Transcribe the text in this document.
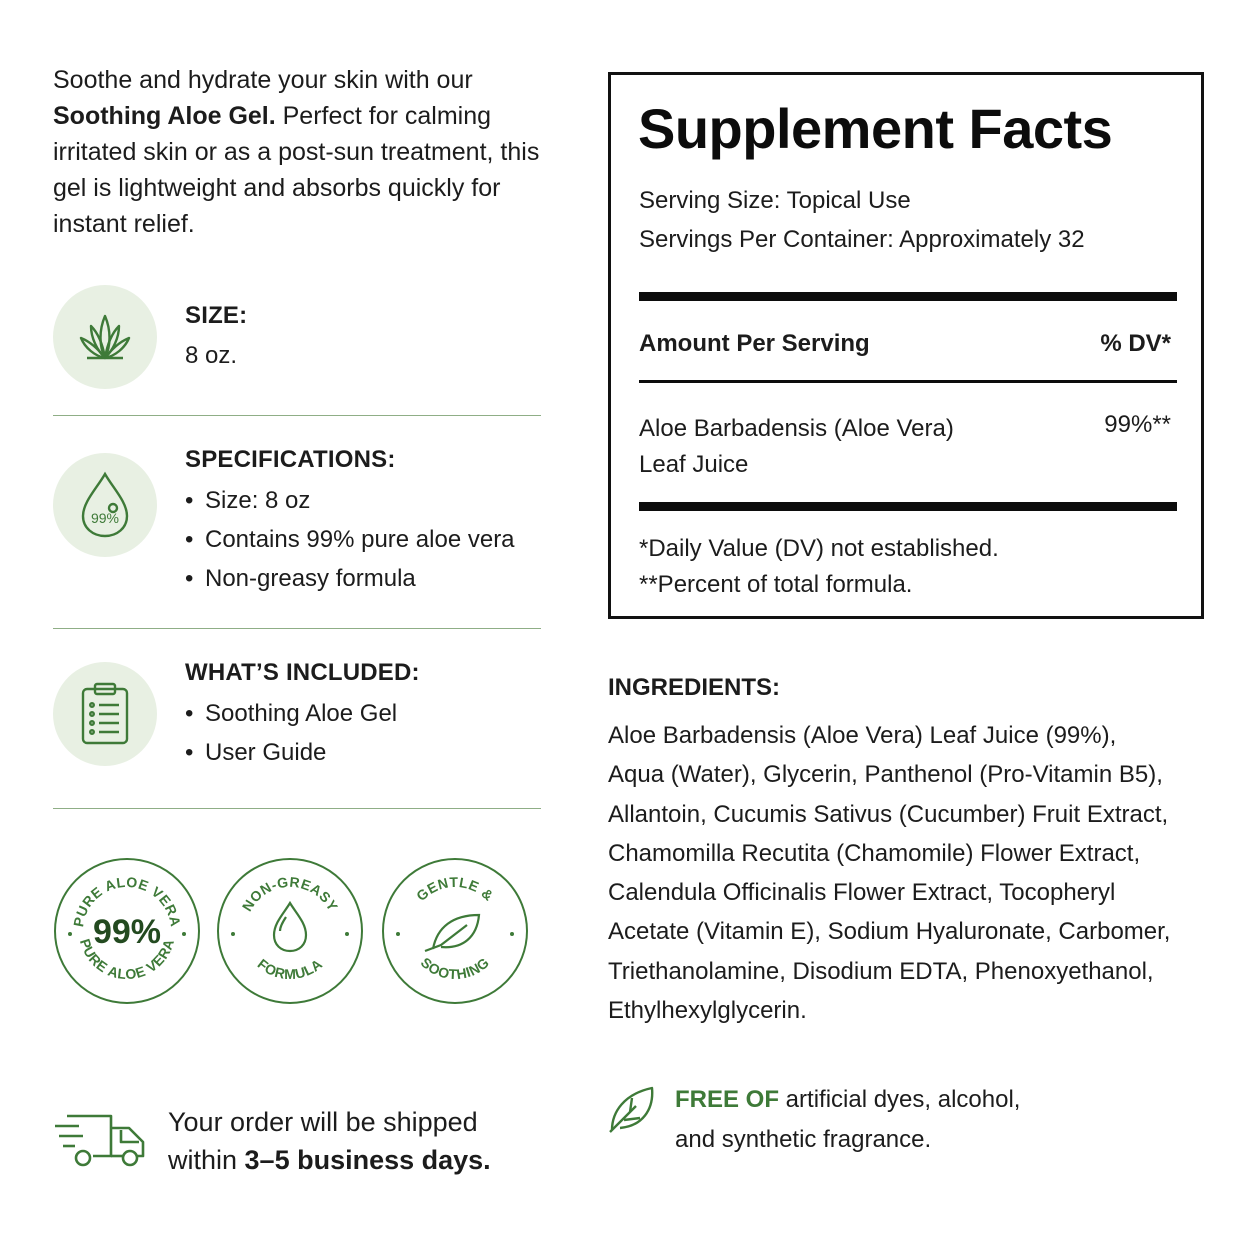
Soothe and hydrate your skin with our
Soothing Aloe Gel. Perfect for calming irritated skin or as a post-sun treatment, this gel is lightweight and absorbs quickly for instant relief.
SIZE:
8 oz.
99%
SPECIFICATIONS:
• Size: 8 oz
• Contains 99% pure aloe vera
• Non-greasy formula
WHAT’S INCLUDED:
• Soothing Aloe Gel
• User Guide
PURE ALOE VERA
PURE ALOE VERA
99%
NON-GREASY
FORMULA
GENTLE &
SOOTHING
Your order will be shipped
within 3–5 business days.
Supplement Facts
Serving Size: Topical Use
Servings Per Container: Approximately 32
Amount Per Serving	% DV*
Aloe Barbadensis (Aloe Vera)
Leaf Juice
99%**
*Daily Value (DV) not established.
**Percent of total formula.
INGREDIENTS:
Aloe Barbadensis (Aloe Vera) Leaf Juice (99%),
Aqua (Water), Glycerin, Panthenol (Pro-Vitamin B5),
Allantoin, Cucumis Sativus (Cucumber) Fruit Extract,
Chamomilla Recutita (Chamomile) Flower Extract,
Calendula Officinalis Flower Extract, Tocopheryl
Acetate (Vitamin E), Sodium Hyaluronate, Carbomer,
Triethanolamine, Disodium EDTA, Phenoxyethanol,
Ethylhexylglycerin.
FREE OF artificial dyes, alcohol,
and synthetic fragrance.
